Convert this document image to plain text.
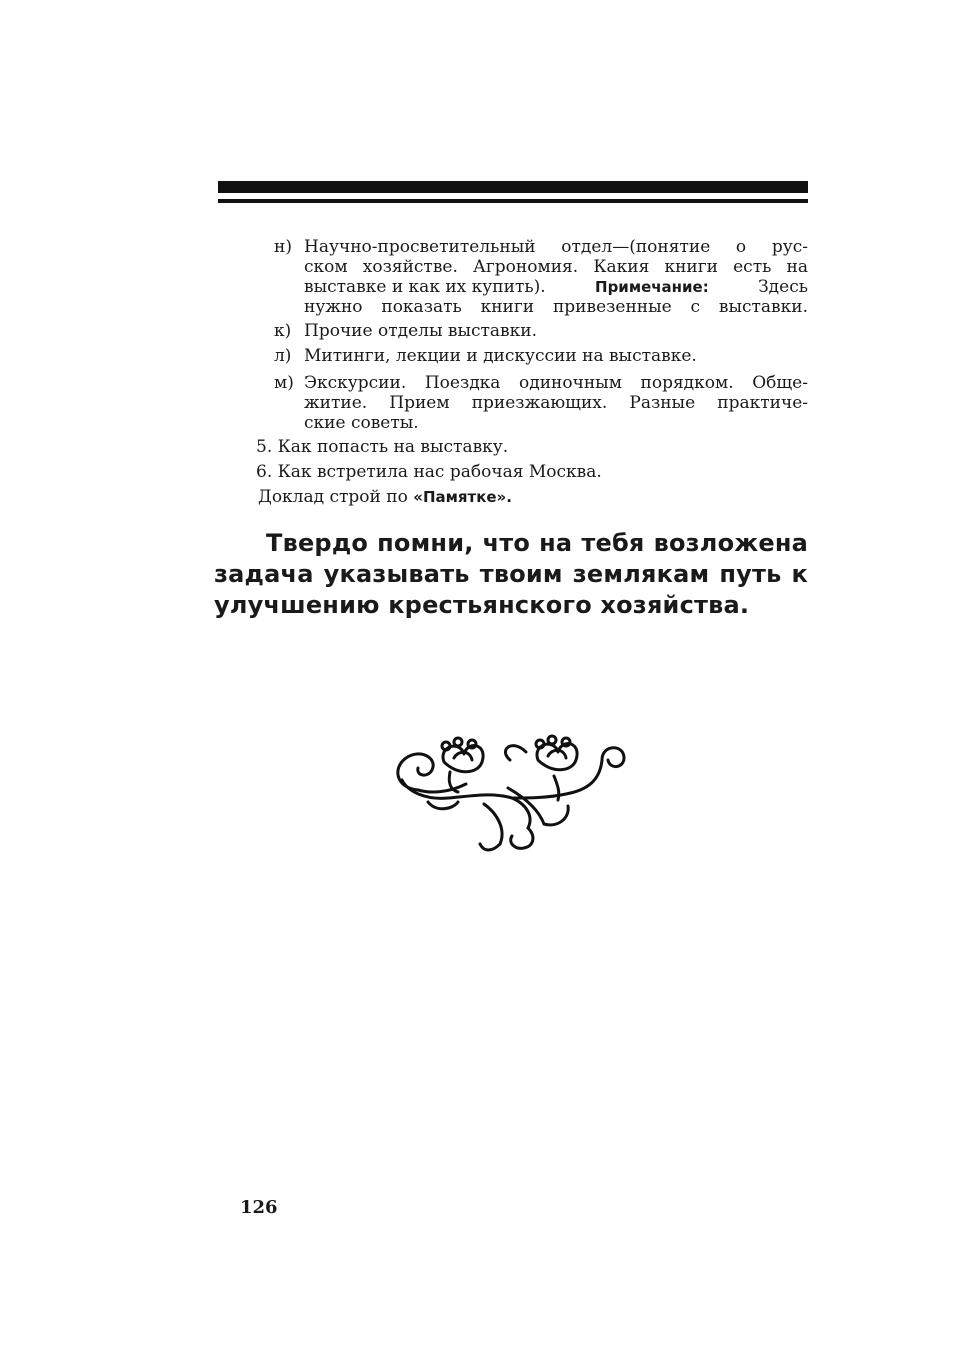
н) Научно-просветительный отдел—(понятие о рус-
ском хозяйстве. Агрономия. Какия книги есть на
выставке и как их купить).	Примечание:	Здесь
нужно показать книги привезенные с выставки.
к) Прочие отделы выставки.
л) Митинги, лекции и дискуссии на выставке.
м) Экскурсии. Поездка одиночным порядком. Обще-
житие. Прием приезжающих. Разные практиче-
ские советы.
5. Как попасть на выставку.
6. Как встретила нас рабочая Москва.
Доклад строй по «Памятке».
Твердо помни, что на тебя возложена
задача указывать твоим землякам путь к
улучшению крестьянского хозяйства.
126
